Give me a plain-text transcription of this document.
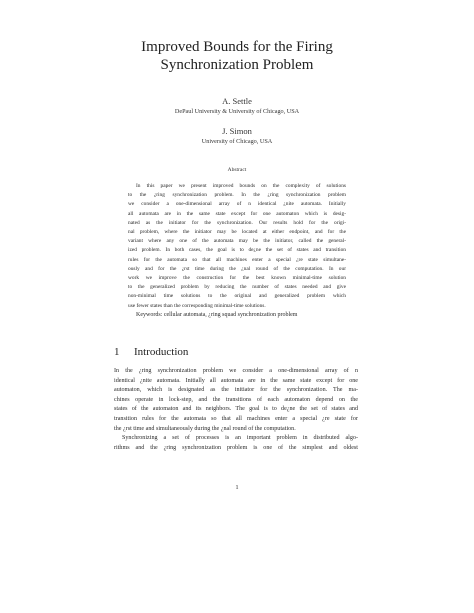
Improved Bounds for the Firing
Synchronization Problem
A. Settle
DePaul University & University of Chicago, USA
J. Simon
University of Chicago, USA
Abstract
In this paper we present improved bounds on the complexity of solutions
to the ¿ring synchronization problem. In the ¿ring synchronization problem
we consider a one-dimensional array of n identical ¿nite automata. Initially
all automata are in the same state except for one automaton which is desig-
nated as the initiator for the synchronization. Our results hold for the origi-
nal problem, where the initiator may be located at either endpoint, and for the
variant where any one of the automata may be the initiator, called the general-
ized problem. In both cases, the goal is to de¿ne the set of states and transition
rules for the automata so that all machines enter a special ¿re state simultane-
ously and for the ¿rst time during the ¿nal round of the computation. In our
work we improve the construction for the best known minimal-time solution
to the generalized problem by reducing the number of states needed and give
non-minimal time solutions to the original and generalized problem which
use fewer states than the corresponding minimal-time solutions.
Keywords: cellular automata, ¿ring squad synchronization problem
1 Introduction
In the ¿ring synchronization problem we consider a one-dimensional array of n
identical ¿nite automata. Initially all automata are in the same state except for one
automaton, which is designated as the initiator for the synchronization. The ma-
chines operate in lock-step, and the transitions of each automaton depend on the
states of the automaton and its neighbors. The goal is to de¿ne the set of states and
transition rules for the automata so that all machines enter a special ¿re state for
the ¿rst time and simultaneously during the ¿nal round of the computation.
Synchronizing a set of processes is an important problem in distributed algo-
rithms and the ¿ring synchronization problem is one of the simplest and oldest
1
